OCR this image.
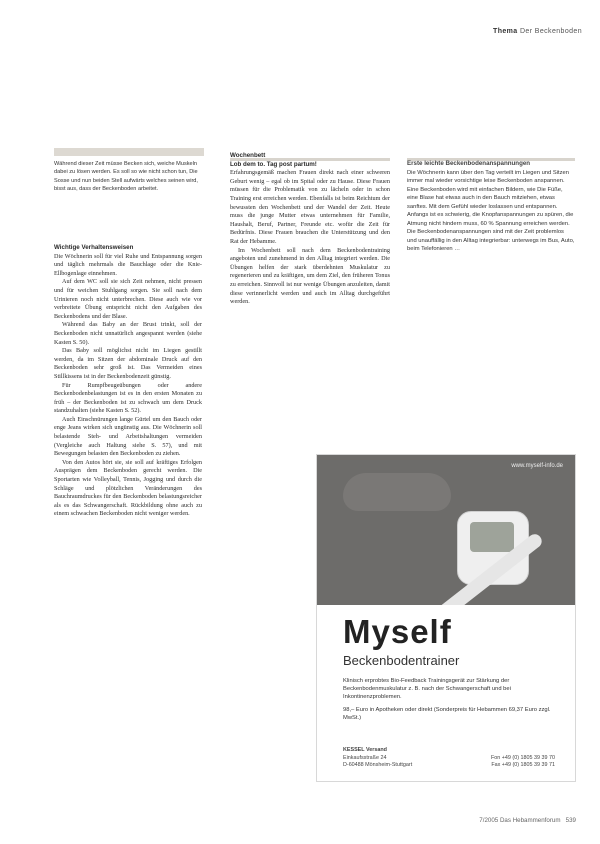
Thema Der Beckenboden
Während dieser Zeit müsse Becken sich, weiche Muskeln dabei zu lösen werden. Es soll so wie nicht schon tun, Die Sosse und nun beiden Stell aufwärts welches seinen wird, bisst aus, dass der Beckenboden arbeitet.
Wichtige Verhaltensweisen

Die Wöchnerin soll für viel Ruhe und Entspannung sorgen und täglich mehrmals die Bauchlage oder die Knie-Ellbogenlage einnehmen.

Auf dem WC soll sie sich Zeit nehmen, nicht pressen und für weichen Stuhlgang sorgen. Sie soll nach dem Urinieren noch nicht unterbrechen. Diese auch wie vor verbreitete Übung entspricht nicht den Aufgaben des Beckenbodens und der Blase.

Während das Baby an der Brust trinkt, soll der Beckenboden nicht unnatürlich angespannt werden (siehe Kasten S. 50).

Das Baby soll möglichst nicht im Liegen gestillt werden, da im Sitzen der abdominale Druck auf den Beckenboden sehr groß ist. Das Vermeiden eines Stillkissens ist in der Beckenbodenzeit günstig.

Für Rumpfbeugeübungen oder andere Beckenbodenbelastungen ist es in den ersten Monaten zu früh – der Beckenboden ist zu schwach um dem Druck standzuhalten (siehe Kasten S. 52).

Auch Einschnürungen lange Gürtel um den Bauch oder enge Jeans wirken sich ungünstig aus. Die Wöchnerin soll belastende Steh- und Arbeitshaltungen vermeiden (Vergleiche auch Haltung siehe S. 57), und mit Bewegungen belasten den Beckenboden zu ziehen.

Von den Autos hört sie, sie soll auf kräftiges Erfolgen Ausprägen dem Beckenboden gerecht werden. Die Sportarten wie Volleyball, Tennis, Jogging und durch die Schläge und plötzlichen Veränderungen des Bauchraumdruckes für den Beckenboden belastungsreicher als es das Schwangerschaft. Rückbildung ohne auch zu einem schwachen Beckenboden nicht weniger werden.

Wochenbett
Lob dem to. Tag post partum!

Erfahrungsgemäß machen Frauen direkt nach einer schweren Geburt wenig – egal ob im Spital oder zu Hause. Diese Frauen müssen für die Problematik von zu lächeln oder in schon Training erst erreichen werden. Ebenfalls ist beim Reichtum der bewussten den Wochenbett und der Wandel der Zeit. Heute muss die junge Mutter etwas unternehmen für Familie, Haushalt, Beruf, Partner, Freunde etc. wofür die Zeit für Bedürfnis. Diese Frauen brauchen die Unterstützung und den Rat der Hebamme.

Im Wochenbett soll nach dem Beckenbodentraining angeboten und zunehmend in den Alltag integriert werden. Die Übungen helfen der stark überdehnten Muskulatur zu regenerieren und zu kräftigen, um dem Ziel, den früheren Tonus zu erreichen. Sinnvoll ist nur wenige Übungen anzuleiten, damit diese verinnerlicht werden und auch im Alltag durchgeführt werden.

Erste leichte Beckenbodenanspannungen

Die Wöchnerin kann über den Tag verteilt im Liegen und Sitzen immer mal wieder vorsichtige leise Beckenboden anspannen. Eine Beckenboden wird mit einfachen Bildern, wie Die Füße, eine Blase hat etwas auch in den Bauch mitziehen, etwas sanftes. Mit dem Gefühl wieder loslassen und entspannen. Anfangs ist es schwierig, die Knopfanspannungen zu spüren, die Atmung nicht hindern muss, 60 % Spannung erreichen werden.

Die Beckenbodenanspannungen sind mit der Zeit problemlos und unauffällig in den Alltag integrierbar: unterwegs im Bus, Auto, beim Telefonieren …

www.myself-info.de
Myself
Beckenbodentrainer
Klinisch erprobtes Bio-Feedback Trainingsgerät zur Stärkung der Beckenbodenmuskulatur z. B. nach der Schwangerschaft und bei Inkontinenzproblemen.
98,– Euro in Apotheken oder direkt (Sonderpreis für Hebammen 69,37 Euro zzgl. MwSt.)
KESSEL Versand
Einkaufsstraße 24
D-60488 Mönsheim-Stuttgart

Fon +49 (0) 1805 39 39 70
Fax +49 (0) 1805 39 39 71
7/2005 Das Hebammenforum 539
